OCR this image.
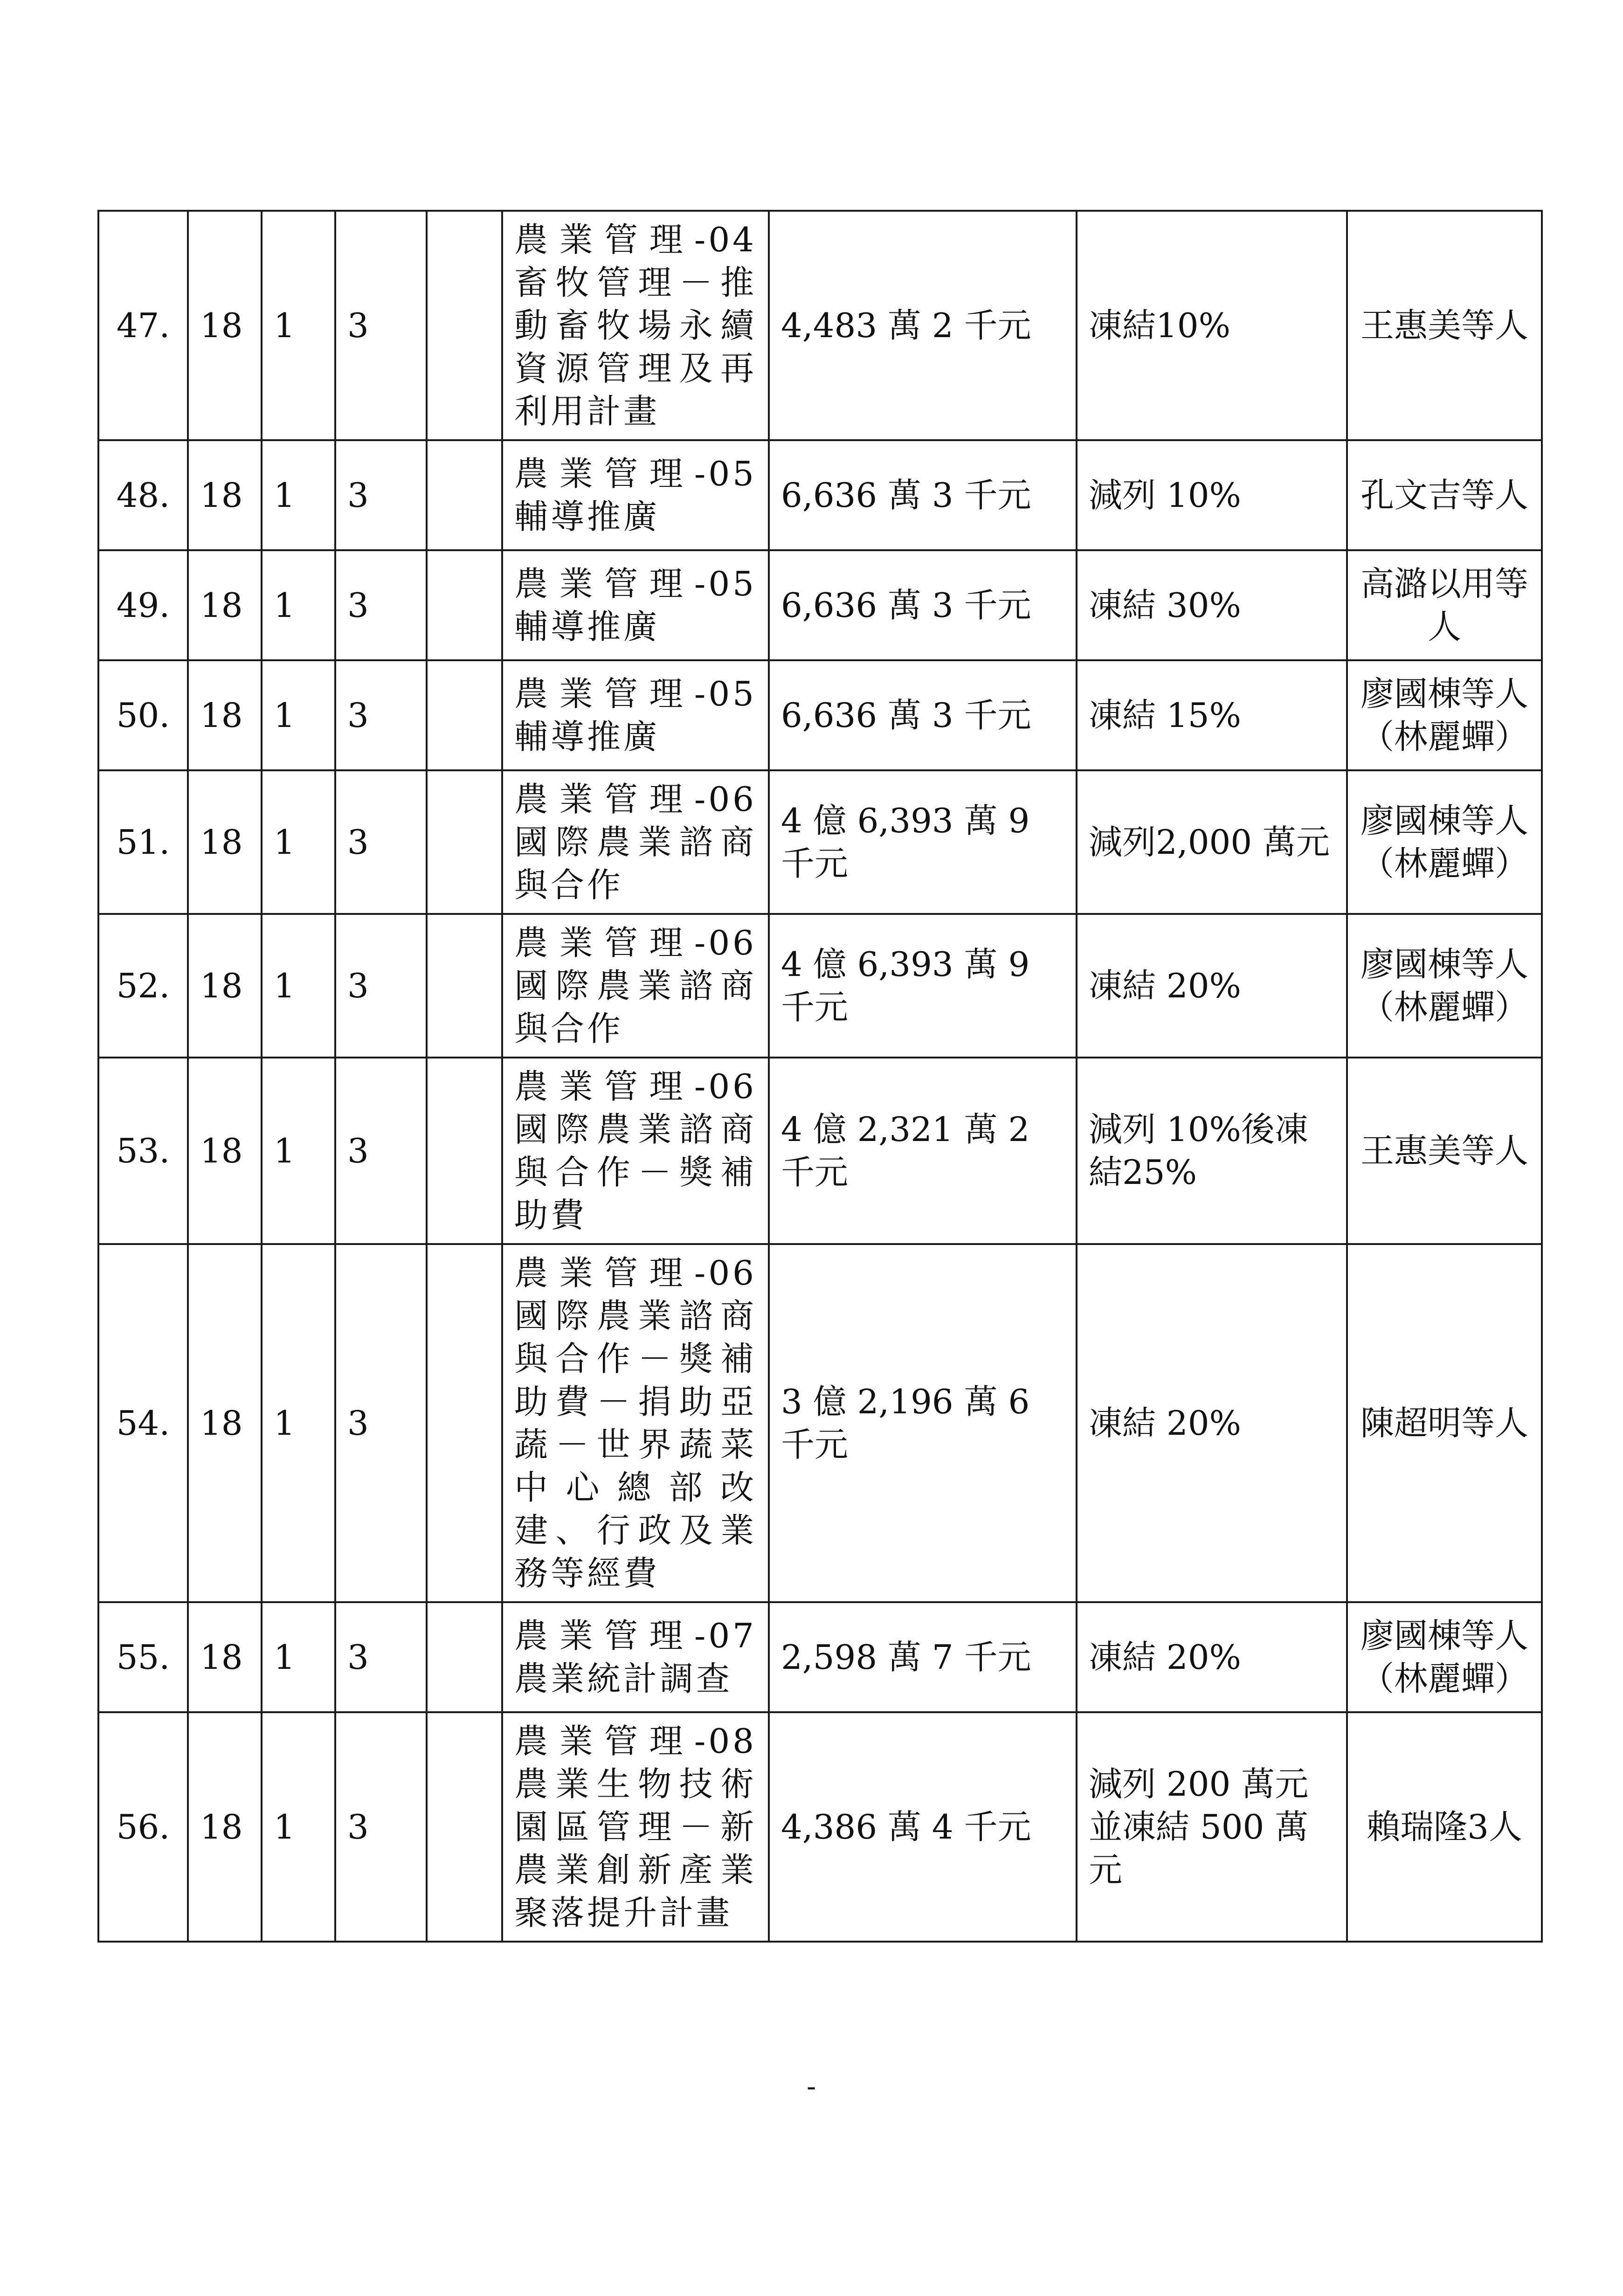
47.	18	1	3		農業管理-04畜牧管理－推動畜牧場永續資源管理及再利用計畫	4,483 萬 2 千元	凍結10%	王惠美等人
48.	18	1	3		農業管理-05輔導推廣	6,636 萬 3 千元	減列 10%	孔文吉等人
49.	18	1	3		農業管理-05輔導推廣	6,636 萬 3 千元	凍結 30%	高潞以用等人
50.	18	1	3		農業管理-05輔導推廣	6,636 萬 3 千元	凍結 15%	廖國棟等人（林麗蟬）
51.	18	1	3		農業管理-06國際農業諮商與合作	4 億 6,393 萬 9 千元	減列2,000 萬元	廖國棟等人（林麗蟬）
52.	18	1	3		農業管理-06國際農業諮商與合作	4 億 6,393 萬 9 千元	凍結 20%	廖國棟等人（林麗蟬）
53.	18	1	3		農業管理-06國際農業諮商與合作－獎補助費	4 億 2,321 萬 2 千元	減列 10%後凍結25%	王惠美等人
54.	18	1	3		農業管理-06國際農業諮商與合作－獎補助費－捐助亞蔬－世界蔬菜中心總部改建、行政及業務等經費	3 億 2,196 萬 6 千元	凍結 20%	陳超明等人
55.	18	1	3		農業管理-07農業統計調查	2,598 萬 7 千元	凍結 20%	廖國棟等人（林麗蟬）
56.	18	1	3		農業管理-08農業生物技術園區管理－新農業創新產業聚落提升計畫	4,386 萬 4 千元	減列 200 萬元並凍結 500 萬元	賴瑞隆3人
-
